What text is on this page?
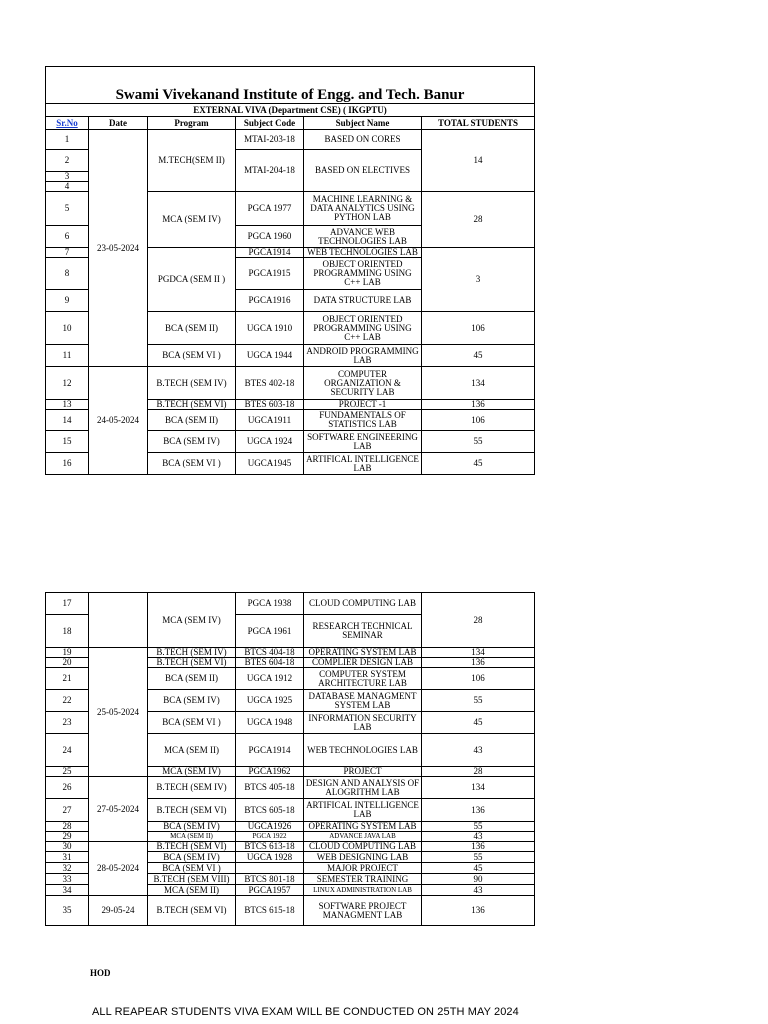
Swami Vivekanand Institute of Engg. and Tech. Banur					
EXTERNAL VIVA (Department CSE) ( IKGPTU)					
Sr.No	Date	Program	Subject Code	Subject Name	TOTAL STUDENTS
1	23-05-2024	M.TECH(SEM II)	MTAI-203-18	BASED ON CORES	14
2			MTAI-204-18	BASED ON ELECTIVES	
3					
4					
5		MCA (SEM IV)	PGCA 1977	MACHINE LEARNING & DATA ANALYTICS USING PYTHON LAB	28
6			PGCA 1960	ADVANCE WEB TECHNOLOGIES LAB	
7		PGDCA (SEM II )	PGCA1914	WEB TECHNOLOGIES LAB	3
8			PGCA1915	OBJECT ORIENTED PROGRAMMING USING C++ LAB	
9			PGCA1916	DATA STRUCTURE LAB	
10		BCA (SEM II)	UGCA 1910	OBJECT ORIENTED PROGRAMMING USING C++ LAB	106
11		BCA (SEM VI )	UGCA 1944	ANDROID PROGRAMMING LAB	45
12	24-05-2024	B.TECH (SEM IV)	BTES 402-18	COMPUTER ORGANIZATION & SECURITY LAB	134
13		B.TECH (SEM VI)	BTES 603-18	PROJECT -1	136
14		BCA (SEM II)	UGCA1911	FUNDAMENTALS OF STATISTICS LAB	106
15		BCA (SEM IV)	UGCA 1924	SOFTWARE ENGINEERING LAB	55
16		BCA (SEM VI )	UGCA1945	ARTIFICAL INTELLIGENCE LAB	45
17		MCA (SEM IV)	PGCA 1938	CLOUD COMPUTING LAB	28
18			PGCA 1961	RESEARCH TECHNICAL SEMINAR	
19	25-05-2024	B.TECH (SEM IV)	BTCS 404-18	OPERATING SYSTEM LAB	134
20		B.TECH (SEM VI)	BTES 604-18	COMPLIER DESIGN LAB	136
21		BCA (SEM II)	UGCA 1912	COMPUTER SYSTEM ARCHITECTURE LAB	106
22		BCA (SEM IV)	UGCA 1925	DATABASE MANAGMENT SYSTEM LAB	55
23		BCA (SEM VI )	UGCA 1948	INFORMATION SECURITY LAB	45
24		MCA (SEM II)	PGCA1914	WEB TECHNOLOGIES LAB	43
25		MCA (SEM IV)	PGCA1962	PROJECT	28
26	27-05-2024	B.TECH (SEM IV)	BTCS 405-18	DESIGN AND ANALYSIS OF ALOGRITHM LAB	134
27		B.TECH (SEM VI)	BTCS 605-18	ARTIFICAL INTELLIGENCE LAB	136
28		BCA (SEM IV)	UGCA1926	OPERATING SYSTEM LAB	55
29		MCA (SEM II)	PGCA 1922	ADVANCE JAVA LAB	43
30	28-05-2024	B.TECH (SEM VI)	BTCS 613-18	CLOUD COMPUTING LAB	136
31		BCA (SEM IV)	UGCA 1928	WEB DESIGNING LAB	55
32		BCA (SEM VI )		MAJOR PROJECT	45
33		B.TECH (SEM VIII)	BTCS 801-18	SEMESTER TRAINING	90
34		MCA (SEM II)	PGCA1957	LINUX ADMINISTRATION LAB	43
35	29-05-24	B.TECH (SEM VI)	BTCS 615-18	SOFTWARE PROJECT MANAGMENT LAB	136
HOD
ALL REAPEAR STUDENTS VIVA EXAM WILL BE CONDUCTED ON 25TH MAY 2024
